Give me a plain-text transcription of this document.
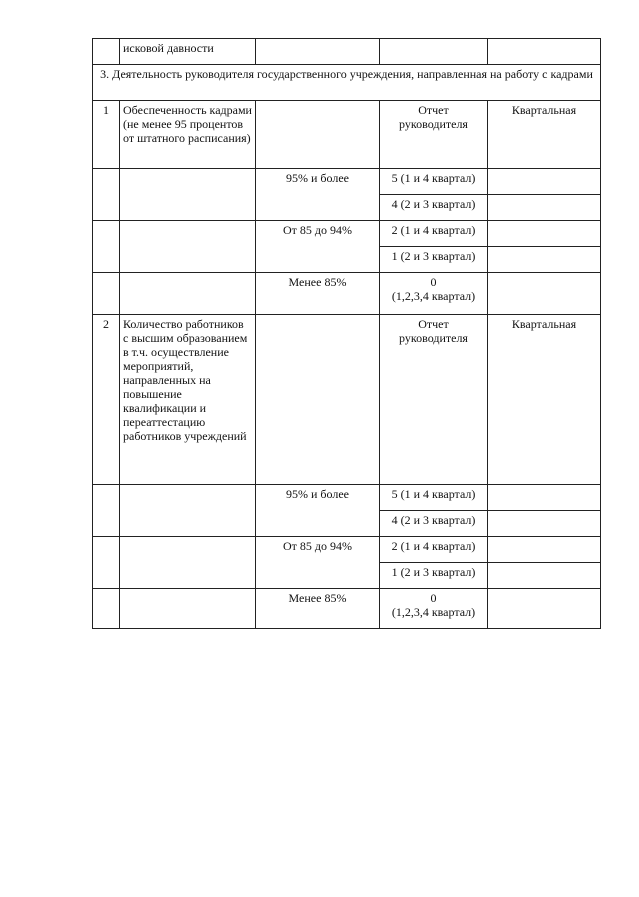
	исковой давности			
3. Деятельность руководителя государственного учреждения, направленная на работу с кадрами				
1	Обеспеченность кадрами (не менее 95 процентов от штатного расписания)		Отчет руководителя	Квартальная
		95% и более	5 (1 и 4 квартал)	
			4 (2 и 3 квартал)	
		От 85 до 94%	2 (1 и 4 квартал)	
			1 (2 и 3 квартал)	
		Менее 85%	0
(1,2,3,4 квартал)	

2	Количество работников с высшим образованием в т.ч. осуществление мероприятий, направленных на повышение квалификации и переаттестацию работников учреждений		Отчет руководителя	Квартальная
		95% и более	5 (1 и 4 квартал)	
			4 (2 и 3 квартал)	
		От 85 до 94%	2 (1 и 4 квартал)	
			1 (2 и 3 квартал)	
		Менее 85%	0
(1,2,3,4 квартал)	
